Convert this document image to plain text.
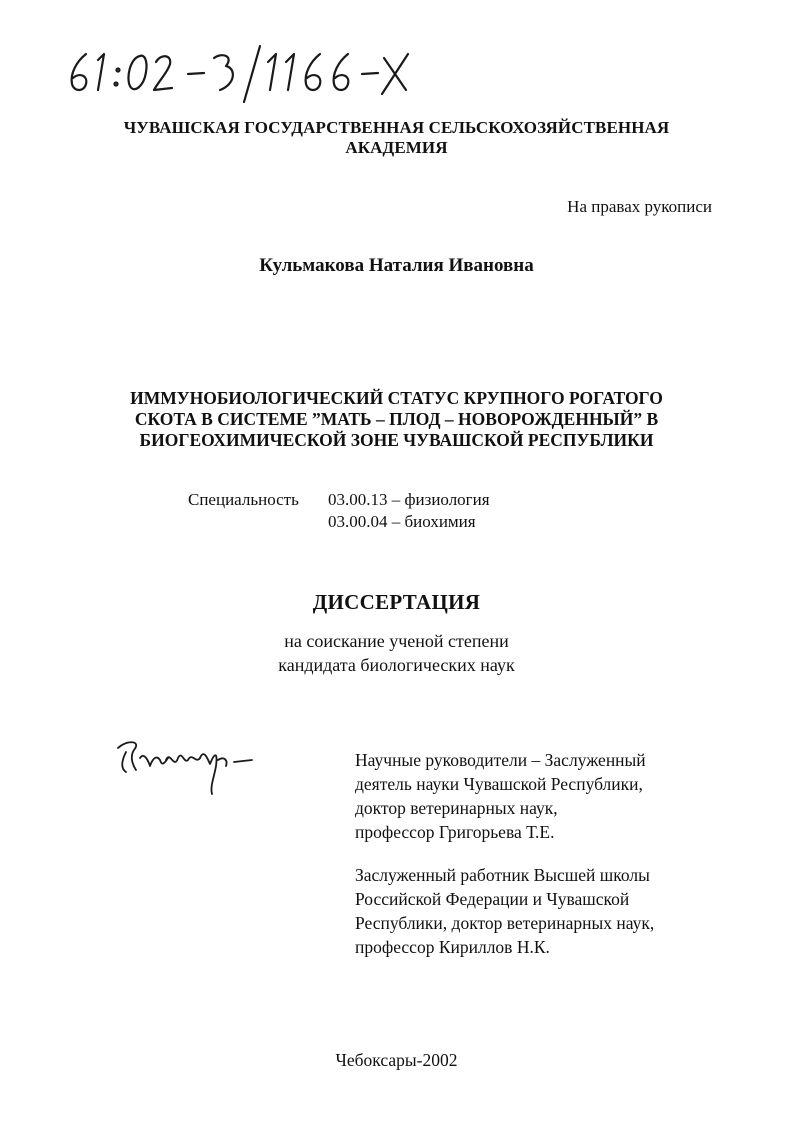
ЧУВАШСКАЯ ГОСУДАРСТВЕННАЯ СЕЛЬСКОХОЗЯЙСТВЕННАЯ
АКАДЕМИЯ
На правах рукописи
Кульмакова Наталия Ивановна
ИММУНОБИОЛОГИЧЕСКИЙ СТАТУС КРУПНОГО РОГАТОГО
СКОТА В СИСТЕМЕ ”МАТЬ – ПЛОД – НОВОРОЖДЕННЫЙ” В
БИОГЕОХИМИЧЕСКОЙ ЗОНЕ ЧУВАШСКОЙ РЕСПУБЛИКИ
Специальность 03.00.13 – физиология
03.00.04 – биохимия
ДИССЕРТАЦИЯ
на соискание ученой степени
кандидата биологических наук
Научные руководители – Заслуженный
деятель науки Чувашской Республики,
доктор ветеринарных наук,
профессор Григорьева Т.Е.
Заслуженный работник Высшей школы
Российской Федерации и Чувашской
Республики, доктор ветеринарных наук,
профессор Кириллов Н.К.
Чебоксары-2002
